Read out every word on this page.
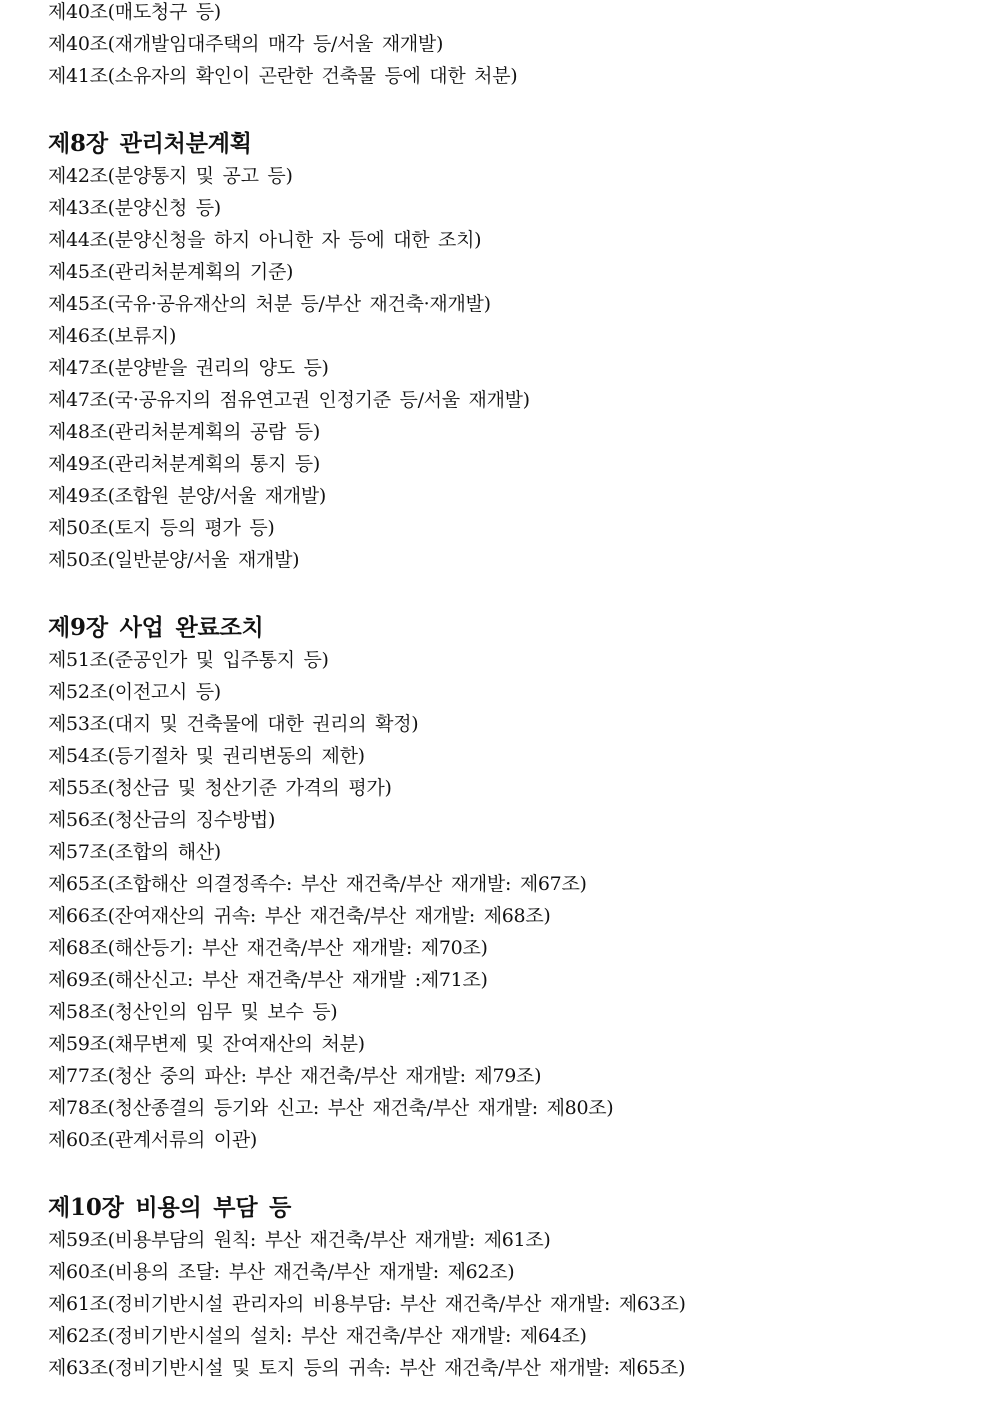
제40조(매도청구 등)
제40조(재개발임대주택의 매각 등/서울 재개발)
제41조(소유자의 확인이 곤란한 건축물 등에 대한 처분)
제8장 관리처분계획
제42조(분양통지 및 공고 등)
제43조(분양신청 등)
제44조(분양신청을 하지 아니한 자 등에 대한 조치)
제45조(관리처분계획의 기준)
제45조(국유·공유재산의 처분 등/부산 재건축·재개발)
제46조(보류지)
제47조(분양받을 권리의 양도 등)
제47조(국·공유지의 점유연고권 인정기준 등/서울 재개발)
제48조(관리처분계획의 공람 등)
제49조(관리처분계획의 통지 등)
제49조(조합원 분양/서울 재개발)
제50조(토지 등의 평가 등)
제50조(일반분양/서울 재개발)
제9장 사업 완료조치
제51조(준공인가 및 입주통지 등)
제52조(이전고시 등)
제53조(대지 및 건축물에 대한 권리의 확정)
제54조(등기절차 및 권리변동의 제한)
제55조(청산금 및 청산기준 가격의 평가)
제56조(청산금의 징수방법)
제57조(조합의 해산)
제65조(조합해산 의결정족수: 부산 재건축/부산 재개발: 제67조)
제66조(잔여재산의 귀속: 부산 재건축/부산 재개발: 제68조)
제68조(해산등기: 부산 재건축/부산 재개발: 제70조)
제69조(해산신고: 부산 재건축/부산 재개발 :제71조)
제58조(청산인의 임무 및 보수 등)
제59조(채무변제 및 잔여재산의 처분)
제77조(청산 중의 파산: 부산 재건축/부산 재개발: 제79조)
제78조(청산종결의 등기와 신고: 부산 재건축/부산 재개발: 제80조)
제60조(관계서류의 이관)
제10장 비용의 부담 등
제59조(비용부담의 원칙: 부산 재건축/부산 재개발: 제61조)
제60조(비용의 조달: 부산 재건축/부산 재개발: 제62조)
제61조(정비기반시설 관리자의 비용부담: 부산 재건축/부산 재개발: 제63조)
제62조(정비기반시설의 설치: 부산 재건축/부산 재개발: 제64조)
제63조(정비기반시설 및 토지 등의 귀속: 부산 재건축/부산 재개발: 제65조)
